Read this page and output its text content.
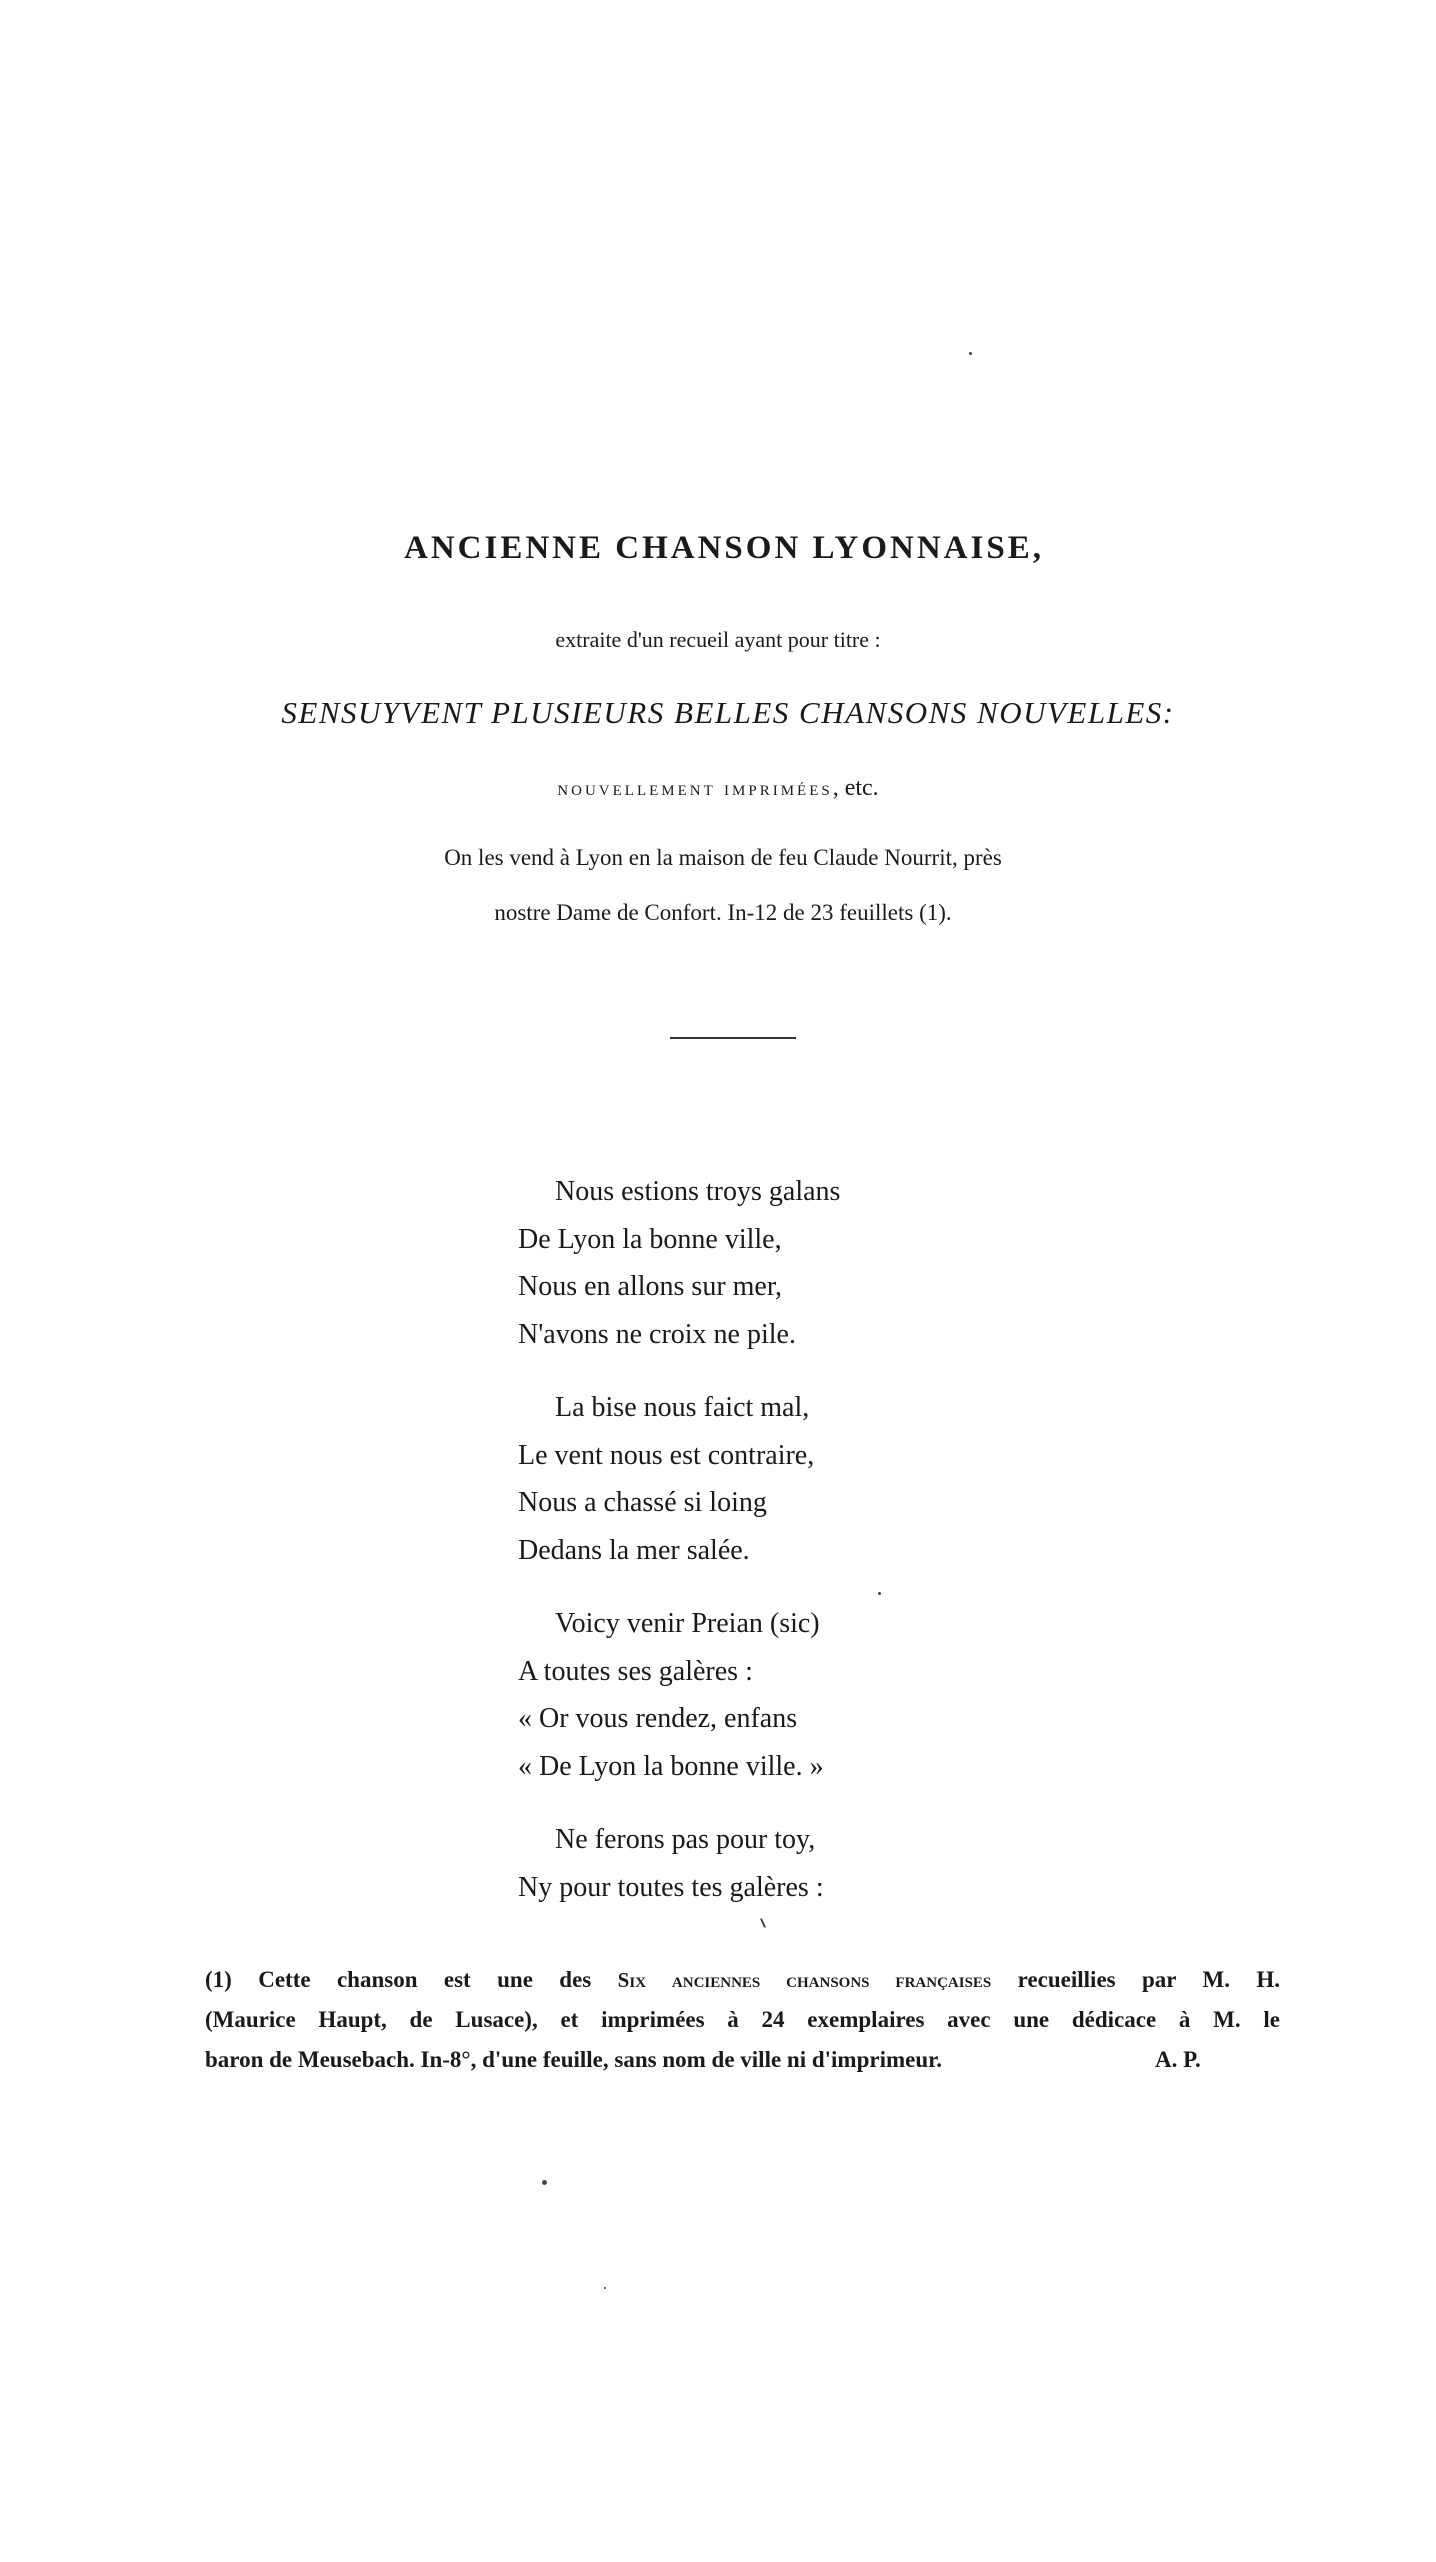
ANCIENNE CHANSON LYONNAISE,
extraite d'un recueil ayant pour titre :
SENSUYVENT PLUSIEURS BELLES CHANSONS NOUVELLES:
nouvellement imprimées, etc.
On les vend à Lyon en la maison de feu Claude Nourrit, près
nostre Dame de Confort. In-12 de 23 feuillets (1).
Nous estions troys galans
De Lyon la bonne ville,
Nous en allons sur mer,
N'avons ne croix ne pile.
La bise nous faict mal,
Le vent nous est contraire,
Nous a chassé si loing
Dedans la mer salée.
Voicy venir Preian (sic)
A toutes ses galères :
« Or vous rendez, enfans
« De Lyon la bonne ville. »
Ne ferons pas pour toy,
Ny pour toutes tes galères :
(1) Cette chanson est une des Six anciennes chansons françaises recueillies par M. H.
(Maurice Haupt, de Lusace), et imprimées à 24 exemplaires avec une dédicace à M. le
baron de Meusebach. In-8°, d'une feuille, sans nom de ville ni d'imprimeur.	A. P.
